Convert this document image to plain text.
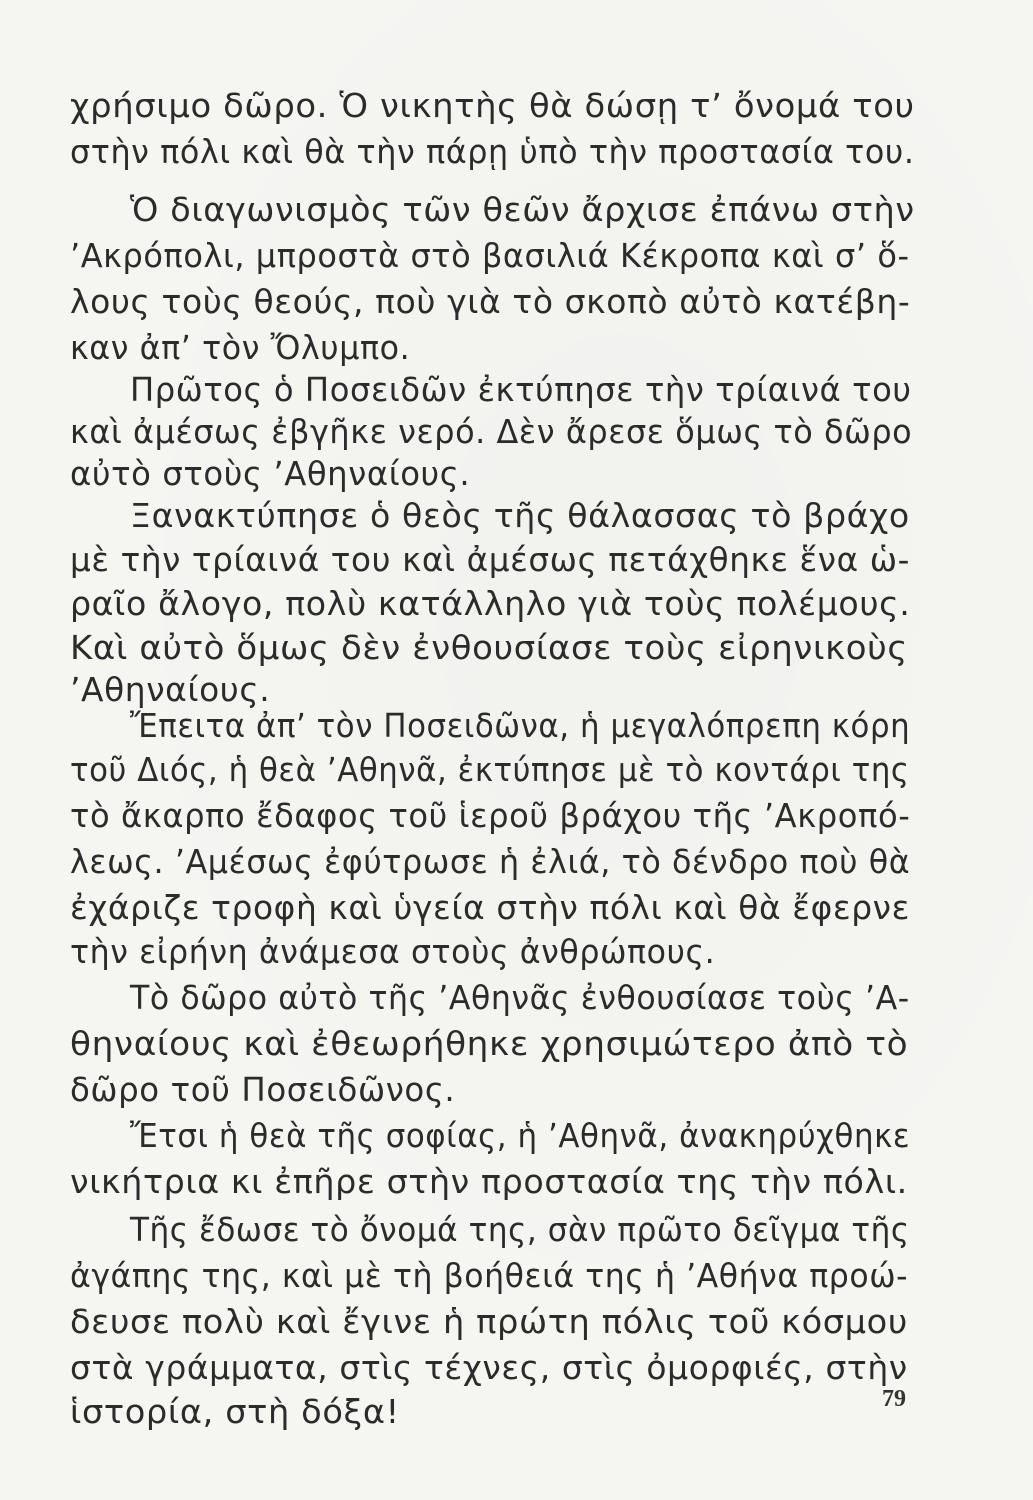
χρήσιμο δῶρο. Ὁ νικητὴς θὰ δώσῃ τ’ ὄνομά του
στὴν πόλι καὶ θὰ τὴν πάρῃ ὑπὸ τὴν προστασία του.
Ὁ διαγωνισμὸς τῶν θεῶν ἄρχισε ἐπάνω στὴν
’Ακρόπολι, μπροστὰ στὸ βασιλιά Κέκροπα καὶ σ’ ὅ-
λους τοὺς θεούς, ποὺ γιὰ τὸ σκοπὸ αὐτὸ κατέβη-
καν ἀπ’ τὸν Ὄλυμπο.
Πρῶτος ὁ Ποσειδῶν ἐκτύπησε τὴν τρίαινά του
καὶ ἀμέσως ἐβγῆκε νερό. Δὲν ἄρεσε ὅμως τὸ δῶρο
αὐτὸ στοὺς ’Αθηναίους.
Ξανακτύπησε ὁ θεὸς τῆς θάλασσας τὸ βράχο
μὲ τὴν τρίαινά του καὶ ἀμέσως πετάχθηκε ἕνα ὡ-
ραῖο ἄλογο, πολὺ κατάλληλο γιὰ τοὺς πολέμους.
Καὶ αὐτὸ ὅμως δὲν ἐνθουσίασε τοὺς εἰρηνικοὺς
’Αθηναίους.
Ἔπειτα ἀπ’ τὸν Ποσειδῶνα, ἡ μεγαλόπρεπη κόρη
τοῦ Διός, ἡ θεὰ ’Αθηνᾶ, ἐκτύπησε μὲ τὸ κοντάρι της
τὸ ἄκαρπο ἔδαφος τοῦ ἱεροῦ βράχου τῆς ’Ακροπό-
λεως. ’Αμέσως ἐφύτρωσε ἡ ἐλιά, τὸ δένδρο ποὺ θὰ
ἐχάριζε τροφὴ καὶ ὑγεία στὴν πόλι καὶ θὰ ἔφερνε
τὴν εἰρήνη ἀνάμεσα στοὺς ἀνθρώπους.
Τὸ δῶρο αὐτὸ τῆς ’Αθηνᾶς ἐνθουσίασε τοὺς ’Α-
θηναίους καὶ ἐθεωρήθηκε χρησιμώτερο ἀπὸ τὸ
δῶρο τοῦ Ποσειδῶνος.
Ἔτσι ἡ θεὰ τῆς σοφίας, ἡ ’Αθηνᾶ, ἀνακηρύχθηκε
νικήτρια κι ἐπῆρε στὴν προστασία της τὴν πόλι.
Τῆς ἔδωσε τὸ ὄνομά της, σὰν πρῶτο δεῖγμα τῆς
ἀγάπης της, καὶ μὲ τὴ βοήθειά της ἡ ’Αθήνα προώ-
δευσε πολὺ καὶ ἔγινε ἡ πρώτη πόλις τοῦ κόσμου
στὰ γράμματα, στὶς τέχνες, στὶς ὀμορφιές, στὴν
ἱστορία, στὴ δόξα!	79
